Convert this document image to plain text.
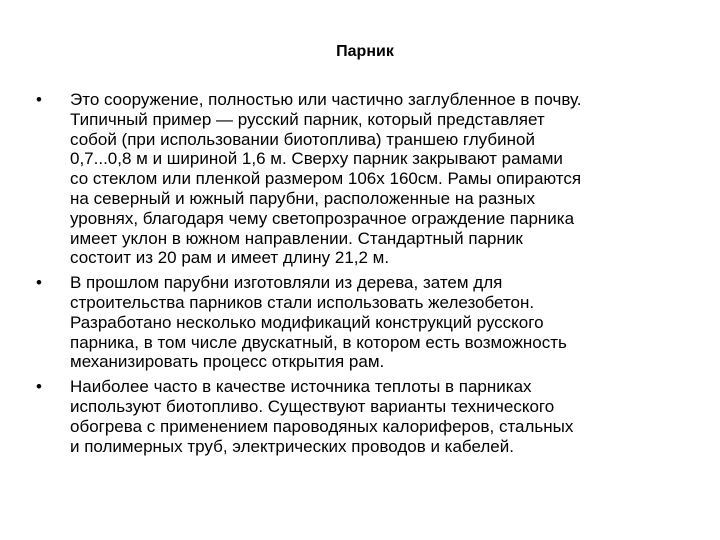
Парник
•	Это сооружение, полностью или частично заглубленное в почву.
Типичный пример — русский парник, который представляет
собой (при использовании биотоплива) траншею глубиной
0,7...0,8 м и шириной 1,6 м. Сверху парник закрывают рамами
со стеклом или пленкой размером 106х 160см. Рамы опираются
на северный и южный парубни, расположенные на разных
уровнях, благодаря чему светопрозрачное ограждение парника
имеет уклон в южном направлении. Стандартный парник
состоит из 20 рам и имеет длину 21,2 м.
•	В прошлом парубни изготовляли из дерева, затем для
строительства парников стали использовать железобетон.
Разработано несколько модификаций конструкций русского
парника, в том числе двускатный, в котором есть возможность
механизировать процесс открытия рам.
•	Наиболее часто в качестве источника теплоты в парниках
используют биотопливо. Существуют варианты технического
обогрева с применением пароводяных калориферов, стальных
и полимерных труб, электрических проводов и кабелей.
